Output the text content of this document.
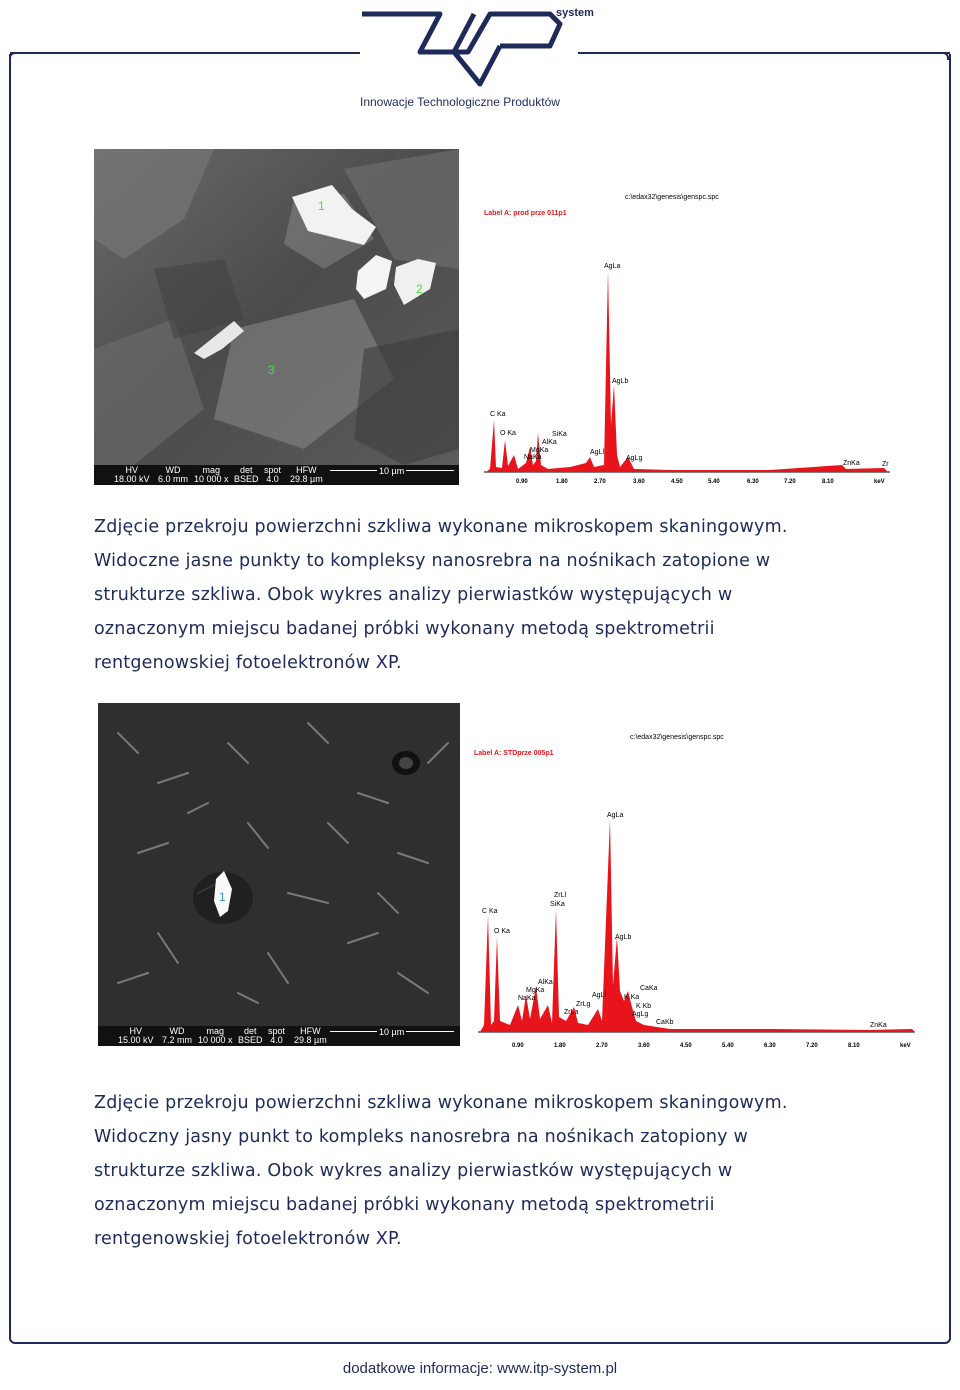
system
Innowacje Technologiczne Produktów
1
2
3
HV
18.00 kV
WD
6.0 mm
mag
10 000 x
det
BSED
spot
4.0
HFW
29.8 µm
10 µm
c:\edax32\genesis\genspc.spc
Label A: prod prze 011p1
C Ka
O Ka
AlKa
SiKa
MgKa
NaKa
AgLa
AgLb
AgLl
AgLg
ZnKa	Zr
0.90	1.80	2.70	3.60	4.50	5.40	6.30	7.20	8.10	keV
Zdjęcie przekroju powierzchni szkliwa wykonane mikroskopem skaningowym. Widoczne jasne punkty to kompleksy nanosrebra na nośnikach zatopione w strukturze szkliwa. Obok wykres analizy pierwiastków występujących w oznaczonym miejscu badanej próbki wykonany metodą spektrometrii rentgenowskiej fotoelektronów XP.
1
HV
15.00 kV
WD
7.2 mm
mag
10 000 x
det
BSED
spot
4.0
HFW
29.8 µm
10 µm
c:\edax32\genesis\genspc.spc
Label A: STDprze 005p1
C Ka
O Ka
ZrLl
SiKa
AlKa
MgKa
NaKa
ZrLg
ZrLa
AgLa
AgLb
AgLl	K Ka
CaKa
K Kb
AgLg
CaKb	ZnKa
0.90	1.80	2.70	3.60	4.50	5.40	6.30	7.20	8.10	keV
Zdjęcie przekroju powierzchni szkliwa wykonane mikroskopem skaningowym. Widoczny jasny punkt to kompleks nanosrebra na nośnikach zatopiony w strukturze szkliwa. Obok wykres analizy pierwiastków występujących w oznaczonym miejscu badanej próbki wykonany metodą spektrometrii rentgenowskiej fotoelektronów XP.
dodatkowe informacje: www.itp-system.pl
